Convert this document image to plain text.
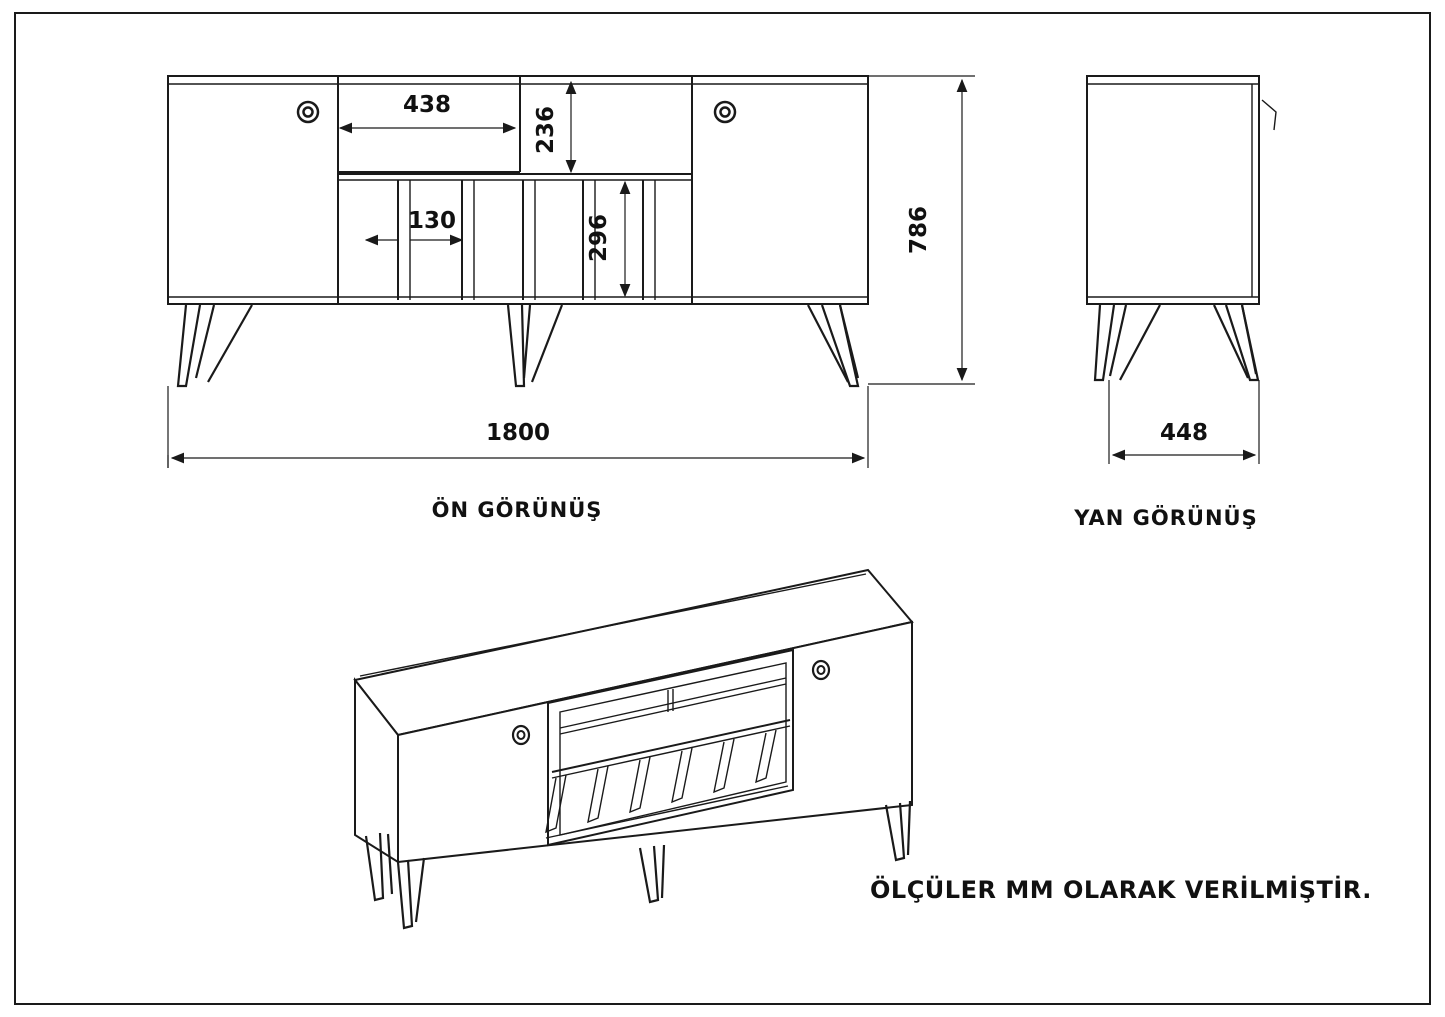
438
236
130	296
1800
ÖN GÖRÜNÜŞ
786
448
YAN GÖRÜNÜŞ
ÖLÇÜLER MM OLARAK VERİLMİŞTİR.
